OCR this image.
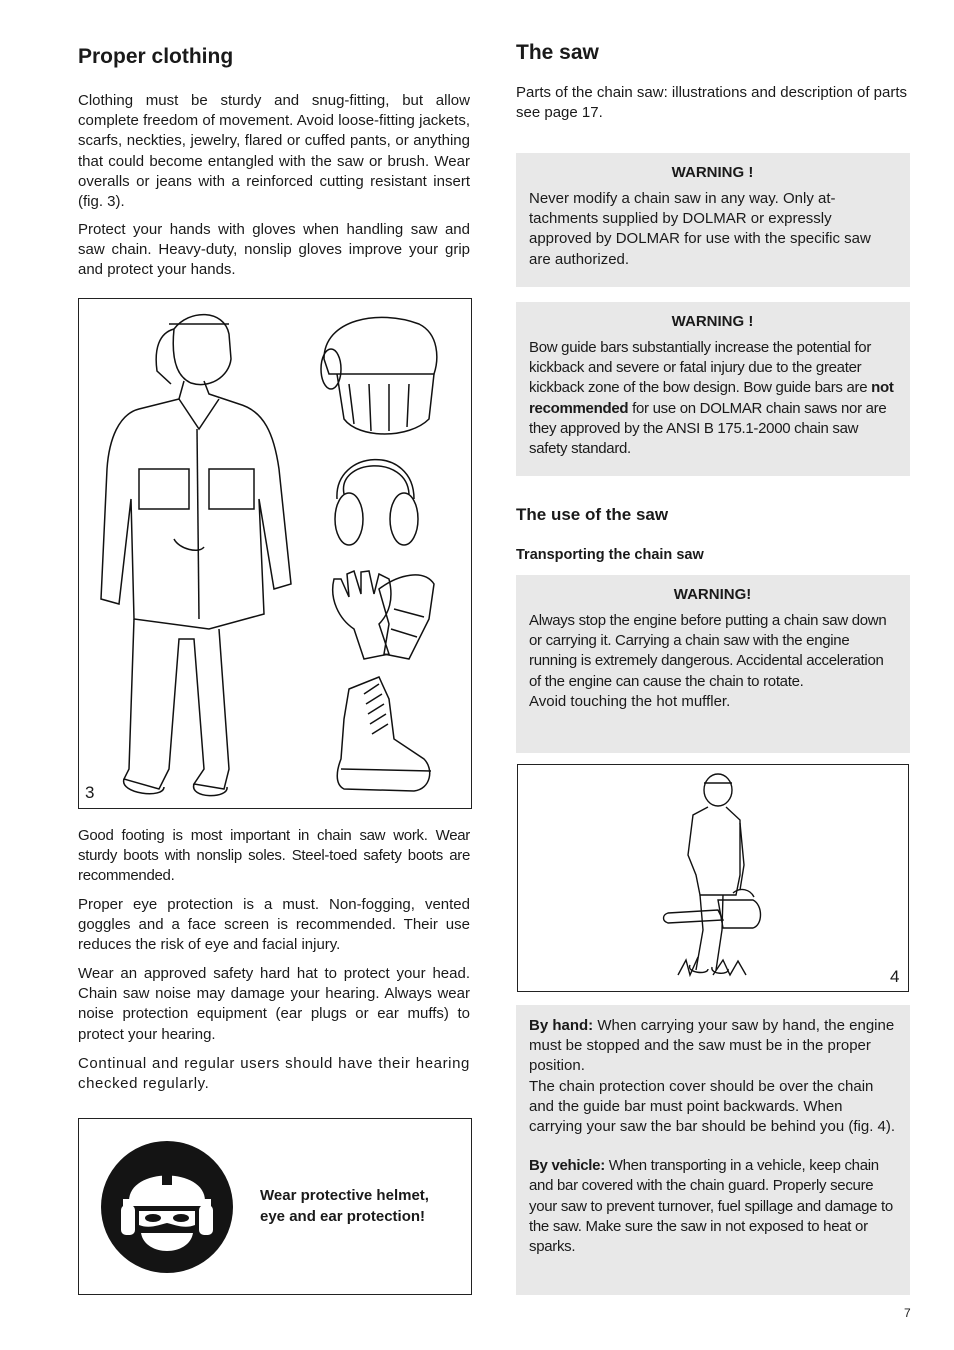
Proper clothing

Clothing must be sturdy and snug-fitting, but allow complete freedom of movement. Avoid loose-fitting jackets, scarfs, neckties, jewelry, flared or cuffed pants, or anything that could become entangled with the saw or brush. Wear overalls or jeans with a reinforced cutting resistant insert (fig. 3).

Protect your hands with gloves when handling saw and saw chain. Heavy-duty, nonslip gloves improve your grip and protect your hands.

3

Good footing is most important in chain saw work. Wear sturdy boots with nonslip soles. Steel-toed safety boots are recommended.

Proper eye protection is a must. Non-fogging, vented goggles and a face screen is recommended. Their use reduces the risk of eye and facial injury.

Wear an approved safety hard hat to protect your head. Chain saw noise may damage your hearing. Always wear noise protection equipment (ear plugs or ear muffs) to protect your hearing.

Continual and regular users should have their hearing checked regularly.

Wear protective helmet,
eye and ear protection!
The saw

Parts of the chain saw: illustrations and description of parts see page 17.

WARNING !

Never modify a chain saw in any way. Only at-tachments supplied by DOLMAR or expressly approved by DOLMAR for use with the specific saw are authorized.

WARNING !

Bow guide bars substantially increase the potential for kickback and severe or fatal injury due to the greater kickback zone of the bow design. Bow guide bars are not recommended for use on DOLMAR chain saws nor are they approved by the ANSI B 175.1-2000 chain saw safety standard.

The use of the saw
Transporting the chain saw
WARNING!

Always stop the engine before putting a chain saw down or carrying it. Carrying a chain saw with the engine running is extremely dangerous. Accidental acceleration of the engine can cause the chain to rotate.

Avoid touching the hot muffler.

4

By hand: When carrying your saw by hand, the engine must be stopped and the saw must be in the proper position.

The chain protection cover should be over the chain and the guide bar must point backwards. When carrying your saw the bar should be behind you (fig. 4).

By vehicle: When transporting in a vehicle, keep chain and bar covered with the chain guard. Properly secure your saw to prevent turnover, fuel spillage and damage to the saw. Make sure the saw in not exposed to heat or sparks.

7
